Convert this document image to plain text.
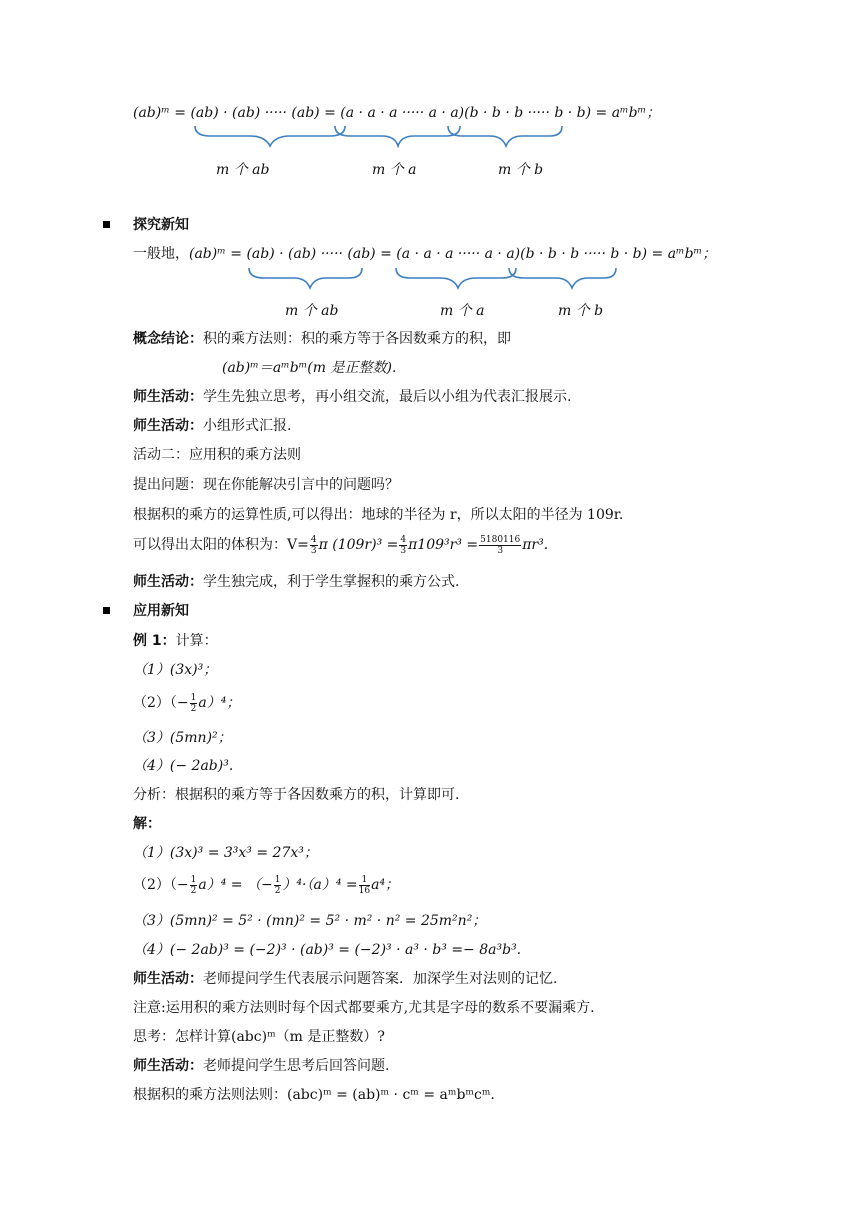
(ab)ᵐ = (ab) · (ab) ····· (ab) = (a · a · a ····· a · a)(b · b · b ····· b · b) = aᵐbᵐ；
m 个 ab	m 个 a	m 个 b
探究新知
一般地，(ab)ᵐ = (ab) · (ab) ····· (ab) = (a · a · a ····· a · a)(b · b · b ····· b · b) = aᵐbᵐ；
m 个 ab	m 个 a	m 个 b
概念结论：积的乘方法则：积的乘方等于各因数乘方的积，即
(ab)ᵐ＝aᵐbᵐ(m 是正整数).
师生活动：学生先独立思考，再小组交流，最后以小组为代表汇报展示.
师生活动：小组形式汇报.
活动二：应用积的乘方法则
提出问题：现在你能解决引言中的问题吗？
根据积的乘方的运算性质,可以得出：地球的半径为 r，所以太阳的半径为 109r.
可以得出太阳的体积为：$V= \frac{4}{3}$ π $(109r)^3 = \frac{4}{3} \pi 109^3r^3 = \frac{5180116}{3} \pi r^3$.
师生活动：学生独完成，利于学生掌握积的乘方公式.
应用新知
例 1：计算：
（1）(3x)³；
$(2)(- \frac{1}{2} a)^4$；
（3）(5mn)²；
（4）(− 2ab)³.
分析：根据积的乘方等于各因数乘方的积，计算即可.
解：
（1）(3x)³ = 3³x³ = 27x³；
$(2)(- \frac{1}{2} a)^4$ = （− $\frac{1}{2} )^4\cdot(a)^4 = \frac{1}{16} a^4$；
（3）(5mn)² = 5² · (mn)² = 5² · m² · n² = 25m²n²；
（4）(− 2ab)³ = (−2)³ · (ab)³ = (−2)³ · a³ · b³ =− 8a³b³.
师生活动：老师提问学生代表展示问题答案．加深学生对法则的记忆.
注意:运用积的乘方法则时每个因式都要乘方,尤其是字母的数系不要漏乘方.
思考：怎样计算(abc)ᵐ（m 是正整数）?
师生活动：老师提问学生思考后回答问题.
根据积的乘方法则法则：(abc)ᵐ = (ab)ᵐ · cᵐ = aᵐbᵐcᵐ.
